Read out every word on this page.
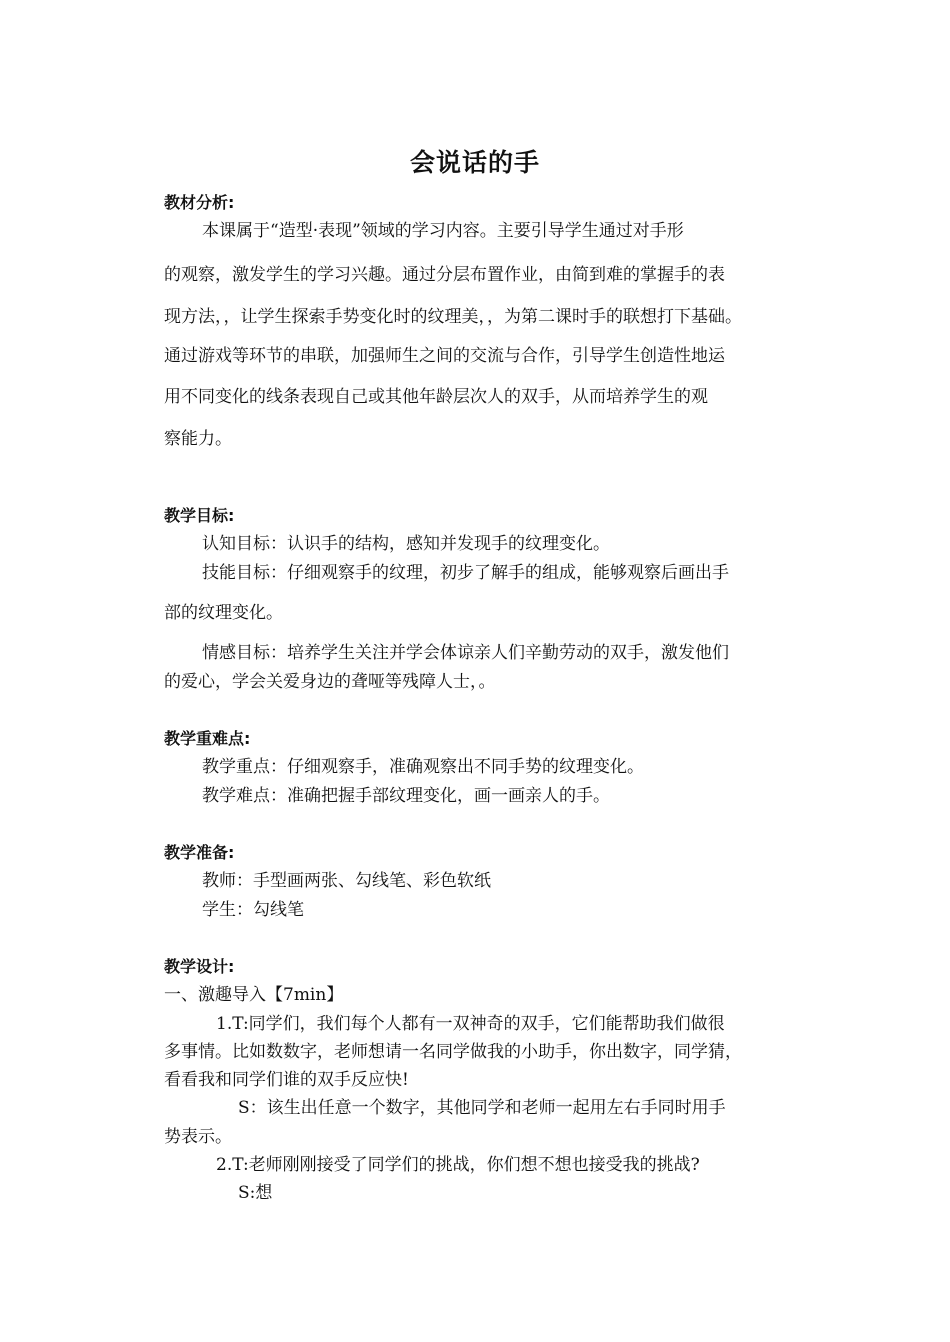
会说话的手
教材分析:
本课属于“造型·表现”领域的学习内容。主要引导学生通过对手形
的观察，激发学生的学习兴趣。通过分层布置作业，由简到难的掌握手的表
现方法，，让学生探索手势变化时的纹理美，，为第二课时手的联想打下基础。
通过游戏等环节的串联，加强师生之间的交流与合作，引导学生创造性地运
用不同变化的线条表现自己或其他年龄层次人的双手，从而培养学生的观
察能力。
教学目标:
认知目标：认识手的结构，感知并发现手的纹理变化。
技能目标：仔细观察手的纹理，初步了解手的组成，能够观察后画出手
部的纹理变化。
情感目标：培养学生关注并学会体谅亲人们辛勤劳动的双手，激发他们
的爱心，学会关爱身边的聋哑等残障人士，。
教学重难点:
教学重点：仔细观察手，准确观察出不同手势的纹理变化。
教学难点：准确把握手部纹理变化，画一画亲人的手。
教学准备:
教师：手型画两张、勾线笔、彩色软纸
学生：勾线笔
教学设计:
一、激趣导入【7min】
1.T:同学们，我们每个人都有一双神奇的双手，它们能帮助我们做很
多事情。比如数数字，老师想请一名同学做我的小助手，你出数字，同学猜，
看看我和同学们谁的双手反应快!
S：该生出任意一个数字，其他同学和老师一起用左右手同时用手
势表示。
2.T:老师刚刚接受了同学们的挑战，你们想不想也接受我的挑战?
S:想
